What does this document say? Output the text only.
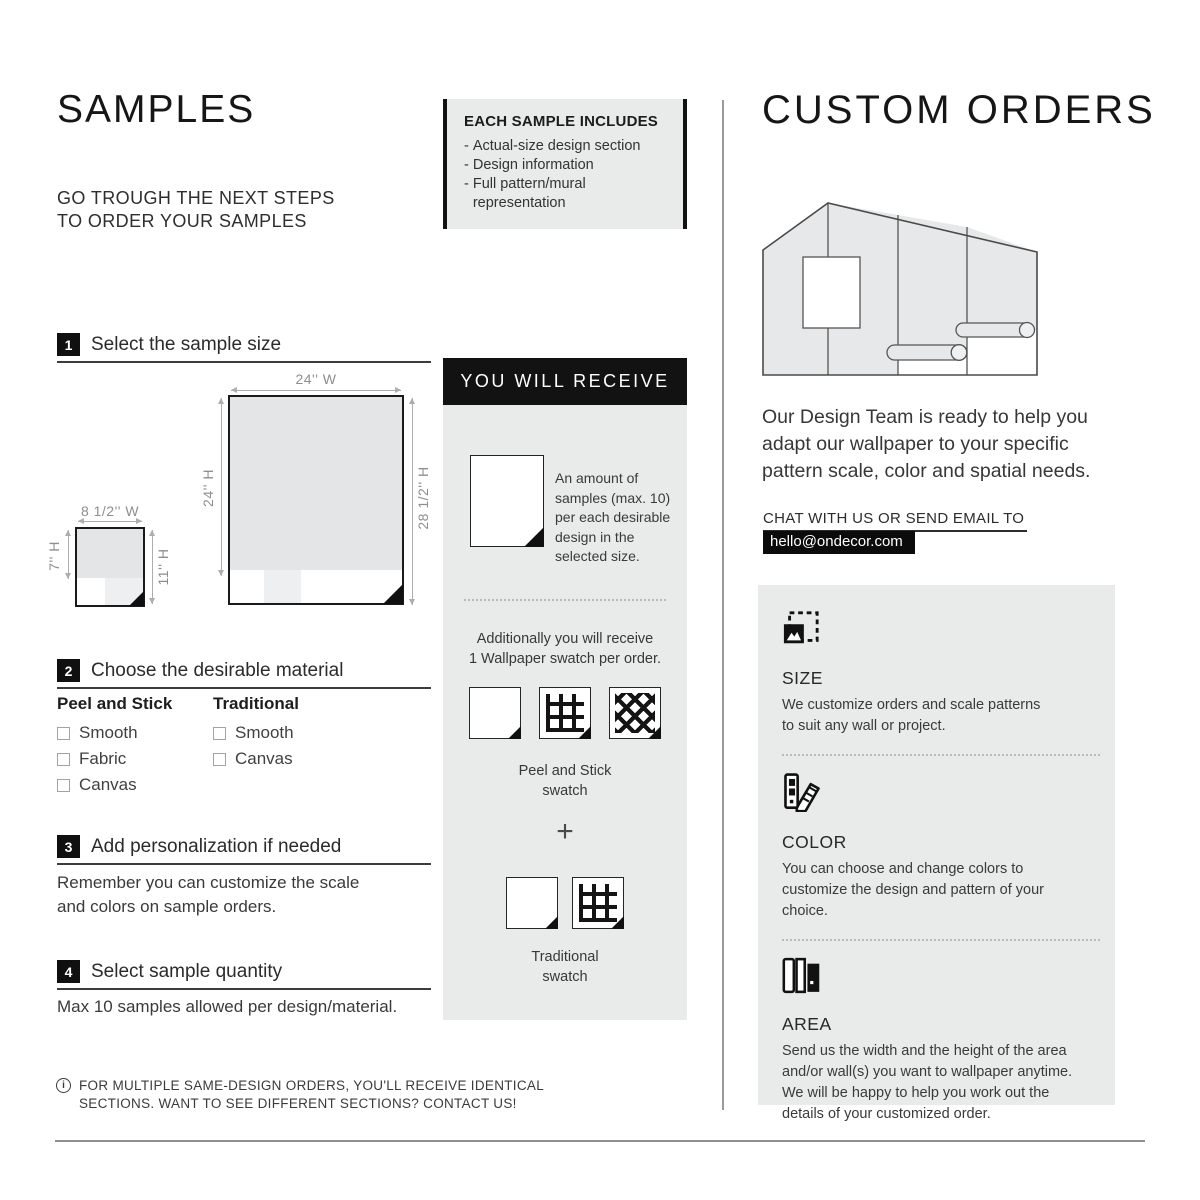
SAMPLES
GO TROUGH THE NEXT STEPS
TO ORDER YOUR SAMPLES
1 Select the sample size
24'' W
24'' H	28 1/2'' H
8 1/2'' W
7'' H	11'' H
2 Choose the desirable material
Peel and Stick
Smooth
Fabric
Canvas
Traditional
Smooth
Canvas
3 Add personalization if needed
Remember you can customize the scale
and colors on sample orders.
4 Select sample quantity
Max 10 samples allowed per design/material.
i	FOR MULTIPLE SAME-DESIGN ORDERS, YOU'LL RECEIVE IDENTICAL
SECTIONS. WANT TO SEE DIFFERENT SECTIONS? CONTACT US!
EACH SAMPLE INCLUDES
- Actual-size design section
- Design information
- Full pattern/mural representation
YOU WILL RECEIVE
An amount of
samples (max. 10)
per each desirable
design in the
selected size.
Additionally you will receive
1 Wallpaper swatch per order.
Peel and Stick
swatch
+
Traditional
swatch
CUSTOM ORDERS
Our Design Team is ready to help you
adapt our wallpaper to your specific
pattern scale, color and spatial needs.
CHAT WITH US OR SEND EMAIL TO
hello@ondecor.com
SIZE
We customize orders and scale patterns
to suit any wall or project.
COLOR
You can choose and change colors to
customize the design and pattern of your
choice.
AREA
Send us the width and the height of the area
and/or wall(s) you want to wallpaper anytime.
We will be happy to help you work out the
details of your customized order.
